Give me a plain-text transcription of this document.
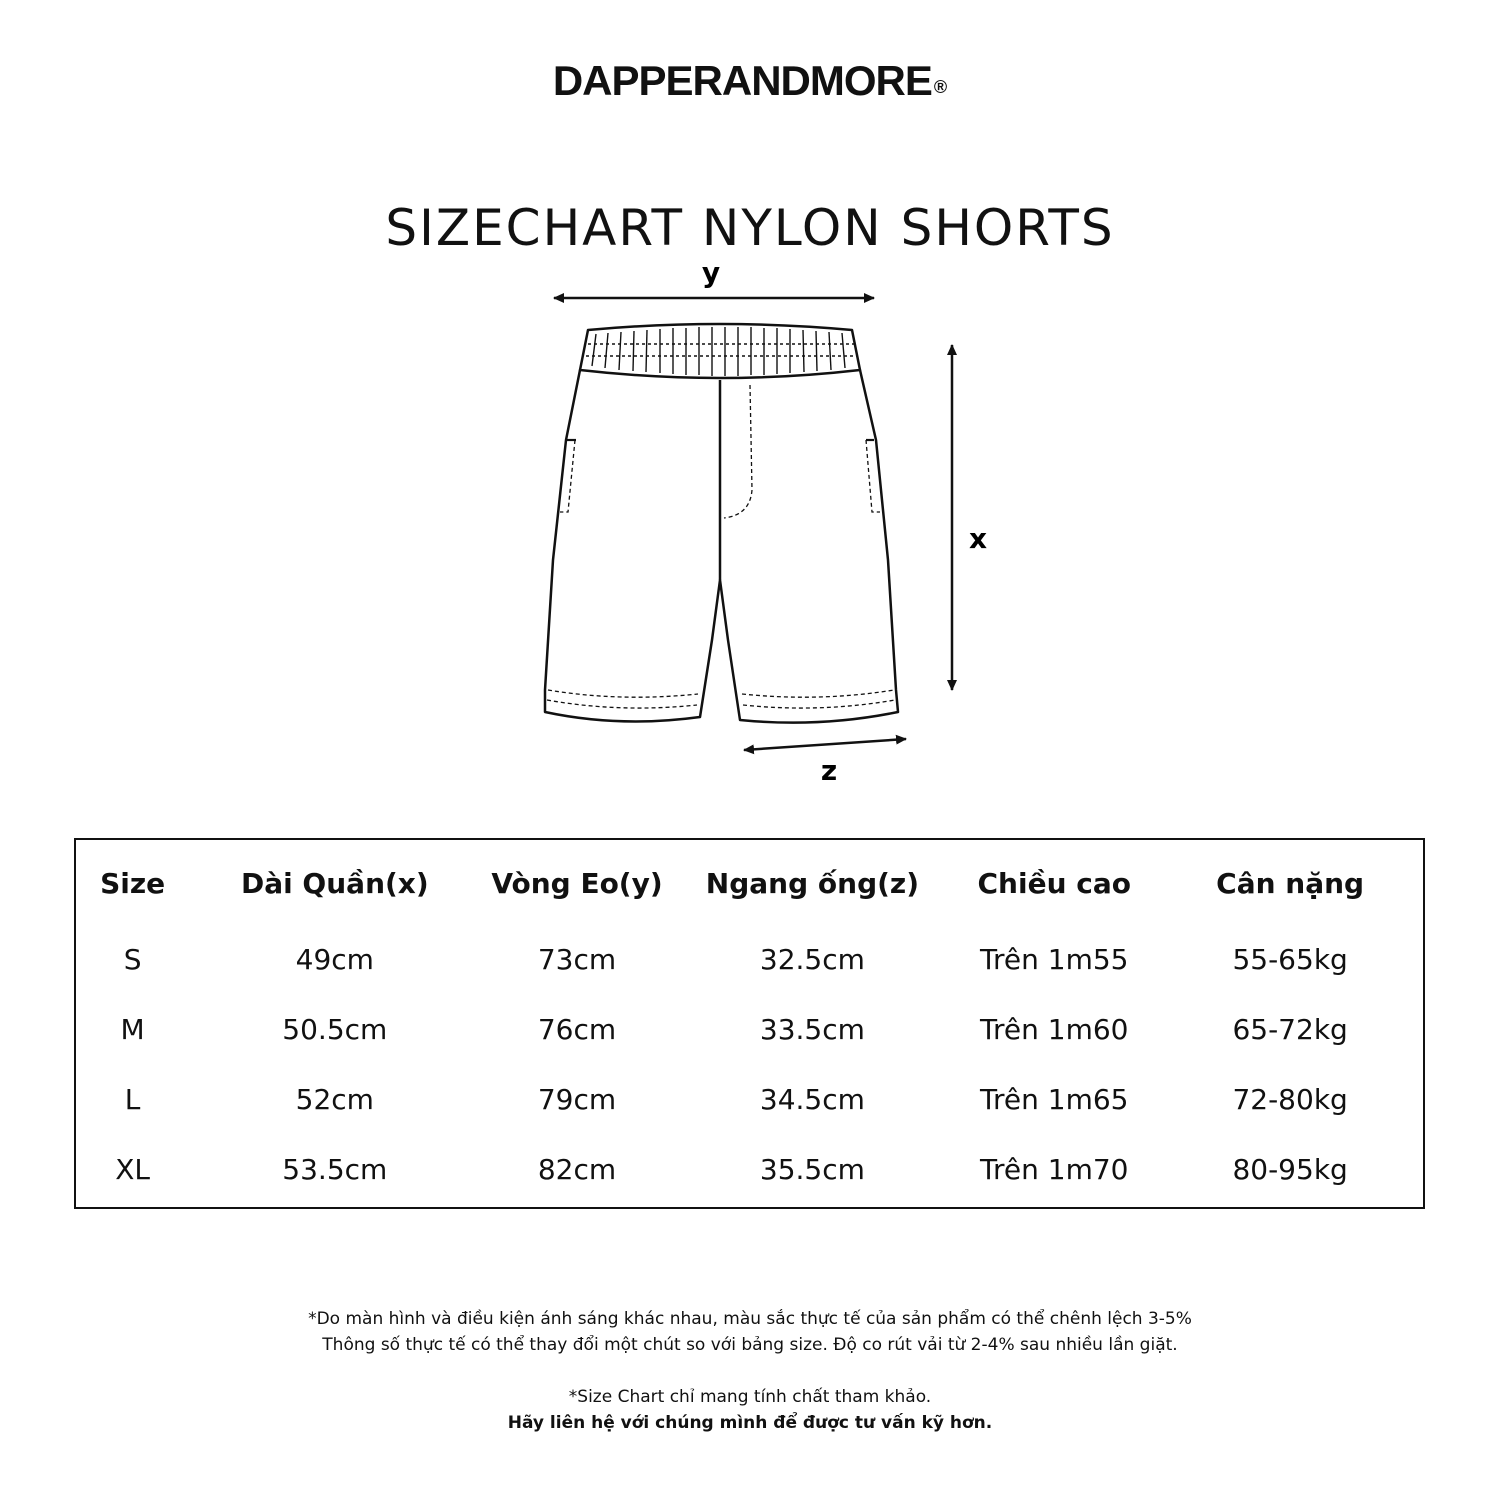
DAPPERANDMORE ®
SIZECHART NYLON SHORTS
y
x
z
Size	Dài Quần(x)	Vòng Eo(y)	Ngang ống(z)	Chiều cao	Cân nặng
S	49cm	73cm	32.5cm	Trên 1m55	55-65kg
M	50.5cm	76cm	33.5cm	Trên 1m60	65-72kg
L	52cm	79cm	34.5cm	Trên 1m65	72-80kg
XL	53.5cm	82cm	35.5cm	Trên 1m70	80-95kg

*Do màn hình và điều kiện ánh sáng khác nhau, màu sắc thực tế của sản phẩm có thể chênh lệch 3-5%

Thông số thực tế có thể thay đổi một chút so với bảng size. Độ co rút vải từ 2-4% sau nhiều lần giặt.

*Size Chart chỉ mang tính chất tham khảo.

Hãy liên hệ với chúng mình để được tư vấn kỹ hơn.
